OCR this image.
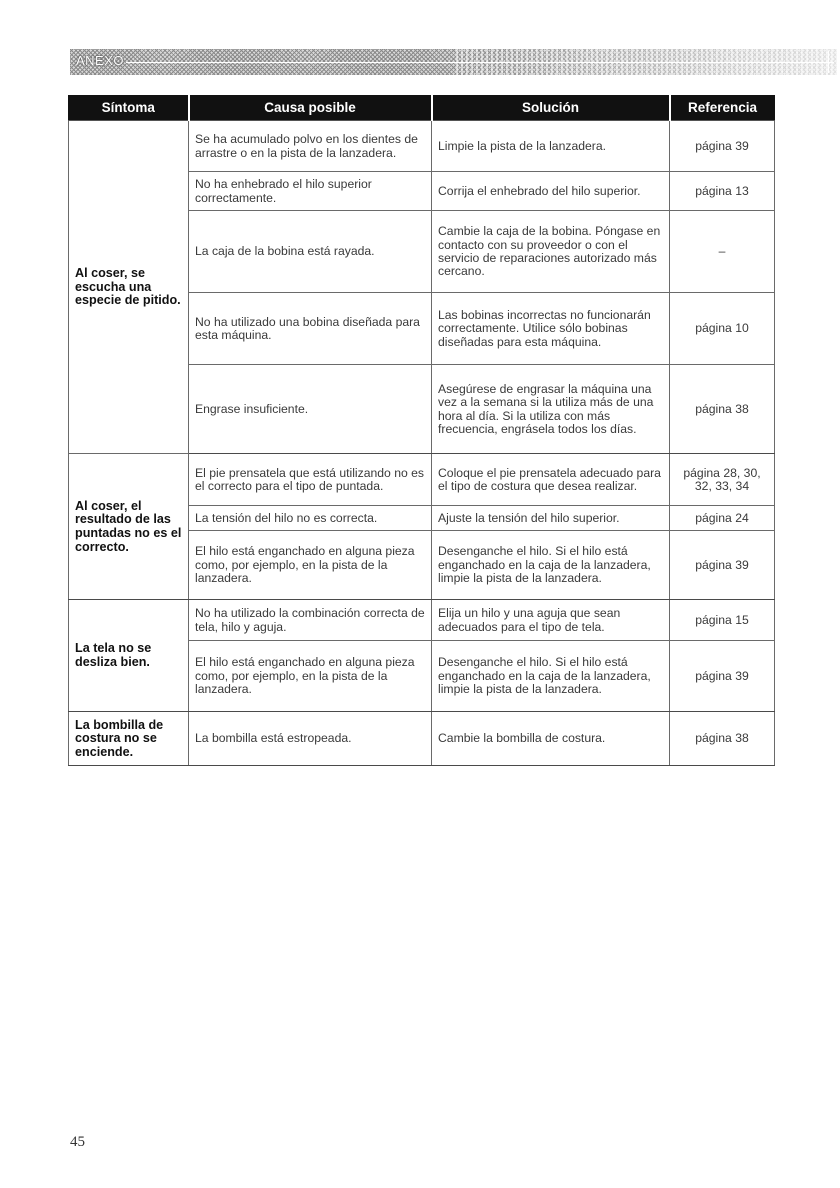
ANEXO
Síntoma	Causa posible	Solución	Referencia
Al coser, se escucha una especie de pitido.	Se ha acumulado polvo en los dientes de arrastre o en la pista de la lanzadera.	Limpie la pista de la lanzadera.	página 39
	No ha enhebrado el hilo superior correctamente.	Corrija el enhebrado del hilo superior.	página 13
	La caja de la bobina está rayada.	Cambie la caja de la bobina. Póngase en contacto con su proveedor o con el servicio de reparaciones autorizado más cercano.	–
	No ha utilizado una bobina diseñada para esta máquina.	Las bobinas incorrectas no funcionarán correctamente. Utilice sólo bobinas diseñadas para esta máquina.	página 10
	Engrase insuficiente.	Asegúrese de engrasar la máquina una vez a la semana si la utiliza más de una hora al día. Si la utiliza con más frecuencia, engrásela todos los días.	página 38
Al coser, el resultado de las puntadas no es el correcto.	El pie prensatela que está utilizando no es el correcto para el tipo de puntada.	Coloque el pie prensatela adecuado para el tipo de costura que desea realizar.	página 28, 30, 32, 33, 34
	La tensión del hilo no es correcta.	Ajuste la tensión del hilo superior.	página 24
	El hilo está enganchado en alguna pieza como, por ejemplo, en la pista de la lanzadera.	Desenganche el hilo. Si el hilo está enganchado en la caja de la lanzadera, limpie la pista de la lanzadera.	página 39
La tela no se desliza bien.	No ha utilizado la combinación correcta de tela, hilo y aguja.	Elija un hilo y una aguja que sean adecuados para el tipo de tela.	página 15
	El hilo está enganchado en alguna pieza como, por ejemplo, en la pista de la lanzadera.	Desenganche el hilo. Si el hilo está enganchado en la caja de la lanzadera, limpie la pista de la lanzadera.	página 39
La bombilla de costura no se enciende.	La bombilla está estropeada.	Cambie la bombilla de costura.	página 38
45
